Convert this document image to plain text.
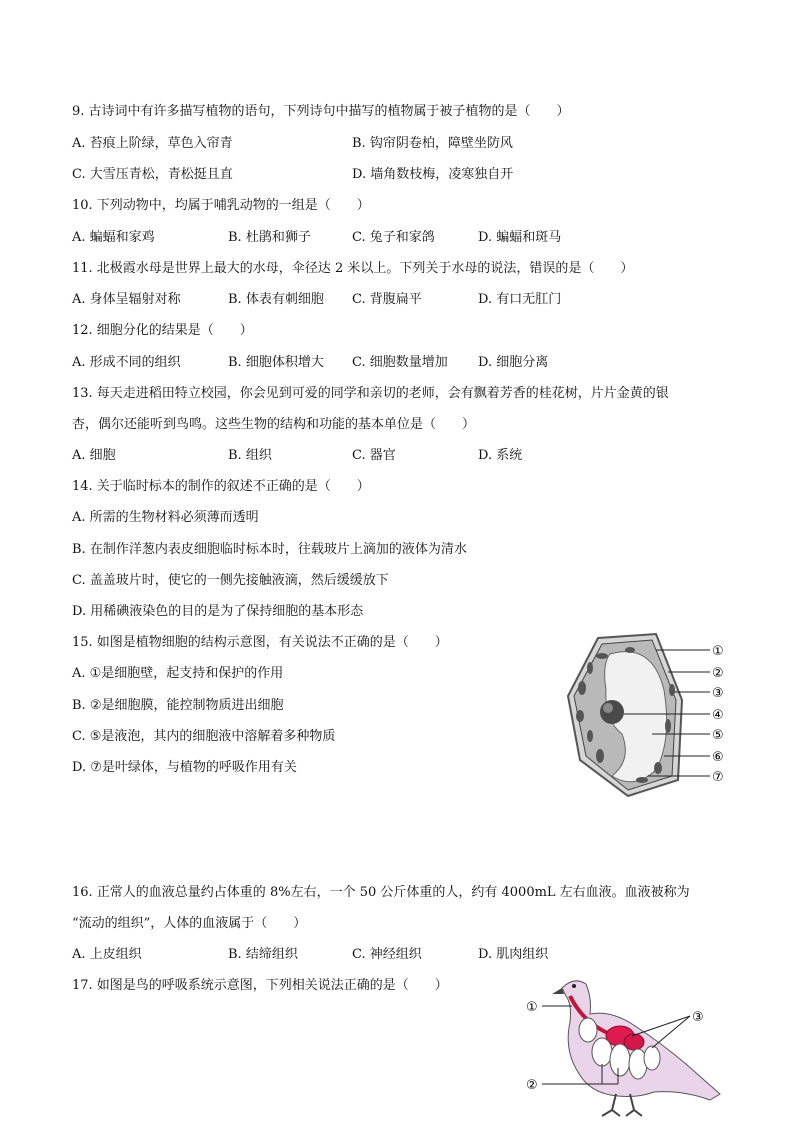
9. 古诗词中有许多描写植物的语句，下列诗句中描写的植物属于被子植物的是（　　）
A. 苔痕上阶绿，草色入帘青	B. 钩帘阴卷柏，障壁坐防风
C. 大雪压青松，青松挺且直	D. 墙角数枝梅，凌寒独自开
10. 下列动物中，均属于哺乳动物的一组是（　　）
A. 蝙蝠和家鸡	B. 杜鹃和狮子	C. 兔子和家鸽	D. 蝙蝠和斑马
11. 北极霞水母是世界上最大的水母，伞径达 2 米以上。下列关于水母的说法，错误的是（　　）
A. 身体呈辐射对称	B. 体表有刺细胞 C. 背腹扁平	D. 有口无肛门
12. 细胞分化的结果是（　　）
A. 形成不同的组织	B. 细胞体积增大 C. 细胞数量增加 D. 细胞分离
13. 每天走进稻田特立校园，你会见到可爱的同学和亲切的老师，会有飘着芳香的桂花树，片片金黄的银
杏，偶尔还能听到鸟鸣。这些生物的结构和功能的基本单位是（　　）
A. 细胞	B. 组织	C. 器官	D. 系统
14. 关于临时标本的制作的叙述不正确的是（　　）
A. 所需的生物材料必须薄而透明
B. 在制作洋葱内表皮细胞临时标本时，往载玻片上滴加的液体为清水
C. 盖盖玻片时，使它的一侧先接触液滴，然后缓缓放下
D. 用稀碘液染色的目的是为了保持细胞的基本形态
15. 如图是植物细胞的结构示意图，有关说法不正确的是（　　）
A. ①是细胞壁，起支持和保护的作用
B. ②是细胞膜，能控制物质进出细胞
C. ⑤是液泡，其内的细胞液中溶解着多种物质
D. ⑦是叶绿体，与植物的呼吸作用有关
①
②
③
④
⑤
⑥
⑦
16. 正常人的血液总量约占体重的 8%左右，一个 50 公斤体重的人，约有 4000mL 左右血液。血液被称为
“流动的组织”，人体的血液属于（　　）
A. 上皮组织	B. 结缔组织	C. 神经组织	D. 肌肉组织
17. 如图是鸟的呼吸系统示意图，下列相关说法正确的是（　　）
①
②
③
